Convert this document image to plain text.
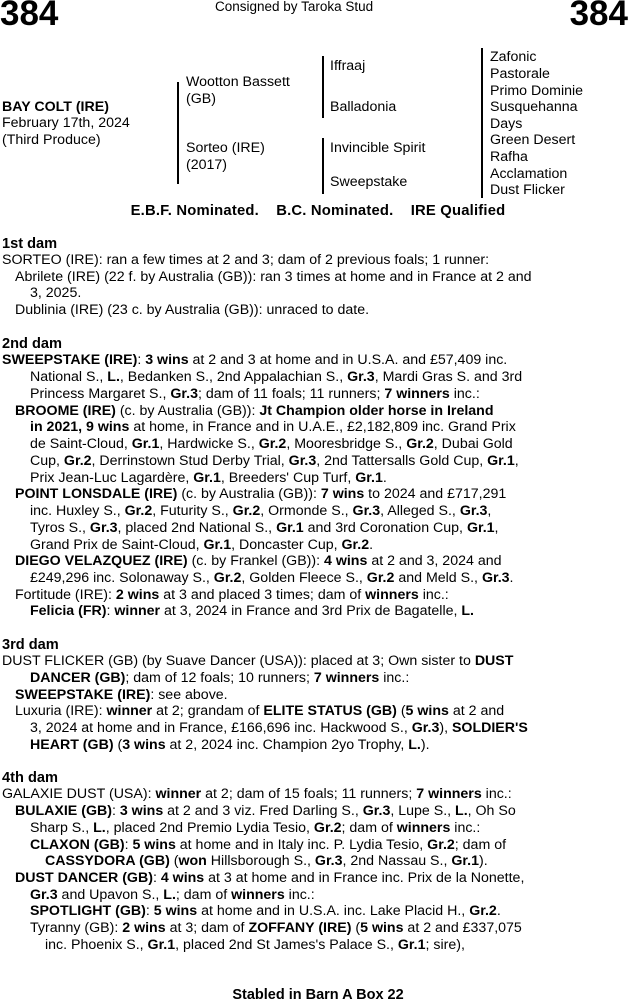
384	Consigned by Taroka Stud	384
BAY COLT (IRE)
February 17th, 2024
(Third Produce)
Wootton Bassett
(GB)
Sorteo (IRE)
(2017)
Iffraaj
Balladonia
Invincible Spirit
Sweepstake
Zafonic
Pastorale
Primo Dominie
Susquehanna
Days
Green Desert
Rafha
Acclamation
Dust Flicker
E.B.F. Nominated.    B.C. Nominated.    IRE Qualified
1st dam
SORTEO (IRE): ran a few times at 2 and 3; dam of 2 previous foals; 1 runner:
Abrilete (IRE) (22 f. by Australia (GB)): ran 3 times at home and in France at 2 and
3, 2025.
Dublinia (IRE) (23 c. by Australia (GB)): unraced to date.
2nd dam
SWEEPSTAKE (IRE): 3 wins at 2 and 3 at home and in U.S.A. and £57,409 inc.
National S., L., Bedanken S., 2nd Appalachian S., Gr.3, Mardi Gras S. and 3rd
Princess Margaret S., Gr.3; dam of 11 foals; 11 runners; 7 winners inc.:
BROOME (IRE) (c. by Australia (GB)): Jt Champion older horse in Ireland
in 2021, 9 wins at home, in France and in U.A.E., £2,182,809 inc. Grand Prix
de Saint-Cloud, Gr.1, Hardwicke S., Gr.2, Mooresbridge S., Gr.2, Dubai Gold
Cup, Gr.2, Derrinstown Stud Derby Trial, Gr.3, 2nd Tattersalls Gold Cup, Gr.1,
Prix Jean-Luc Lagardère, Gr.1, Breeders' Cup Turf, Gr.1.
POINT LONSDALE (IRE) (c. by Australia (GB)): 7 wins to 2024 and £717,291
inc. Huxley S., Gr.2, Futurity S., Gr.2, Ormonde S., Gr.3, Alleged S., Gr.3,
Tyros S., Gr.3, placed 2nd National S., Gr.1 and 3rd Coronation Cup, Gr.1,
Grand Prix de Saint-Cloud, Gr.1, Doncaster Cup, Gr.2.
DIEGO VELAZQUEZ (IRE) (c. by Frankel (GB)): 4 wins at 2 and 3, 2024 and
£249,296 inc. Solonaway S., Gr.2, Golden Fleece S., Gr.2 and Meld S., Gr.3.
Fortitude (IRE): 2 wins at 3 and placed 3 times; dam of winners inc.:
Felicia (FR): winner at 3, 2024 in France and 3rd Prix de Bagatelle, L.
3rd dam
DUST FLICKER (GB) (by Suave Dancer (USA)): placed at 3; Own sister to DUST
DANCER (GB); dam of 12 foals; 10 runners; 7 winners inc.:
SWEEPSTAKE (IRE): see above.
Luxuria (IRE): winner at 2; grandam of ELITE STATUS (GB) (5 wins at 2 and
3, 2024 at home and in France, £166,696 inc. Hackwood S., Gr.3), SOLDIER'S
HEART (GB) (3 wins at 2, 2024 inc. Champion 2yo Trophy, L.).
4th dam
GALAXIE DUST (USA): winner at 2; dam of 15 foals; 11 runners; 7 winners inc.:
BULAXIE (GB): 3 wins at 2 and 3 viz. Fred Darling S., Gr.3, Lupe S., L., Oh So
Sharp S., L., placed 2nd Premio Lydia Tesio, Gr.2; dam of winners inc.:
CLAXON (GB): 5 wins at home and in Italy inc. P. Lydia Tesio, Gr.2; dam of
CASSYDORA (GB) (won Hillsborough S., Gr.3, 2nd Nassau S., Gr.1).
DUST DANCER (GB): 4 wins at 3 at home and in France inc. Prix de la Nonette,
Gr.3 and Upavon S., L.; dam of winners inc.:
SPOTLIGHT (GB): 5 wins at home and in U.S.A. inc. Lake Placid H., Gr.2.
Tyranny (GB): 2 wins at 3; dam of ZOFFANY (IRE) (5 wins at 2 and £337,075
inc. Phoenix S., Gr.1, placed 2nd St James's Palace S., Gr.1; sire),
Stabled in Barn A Box 22
